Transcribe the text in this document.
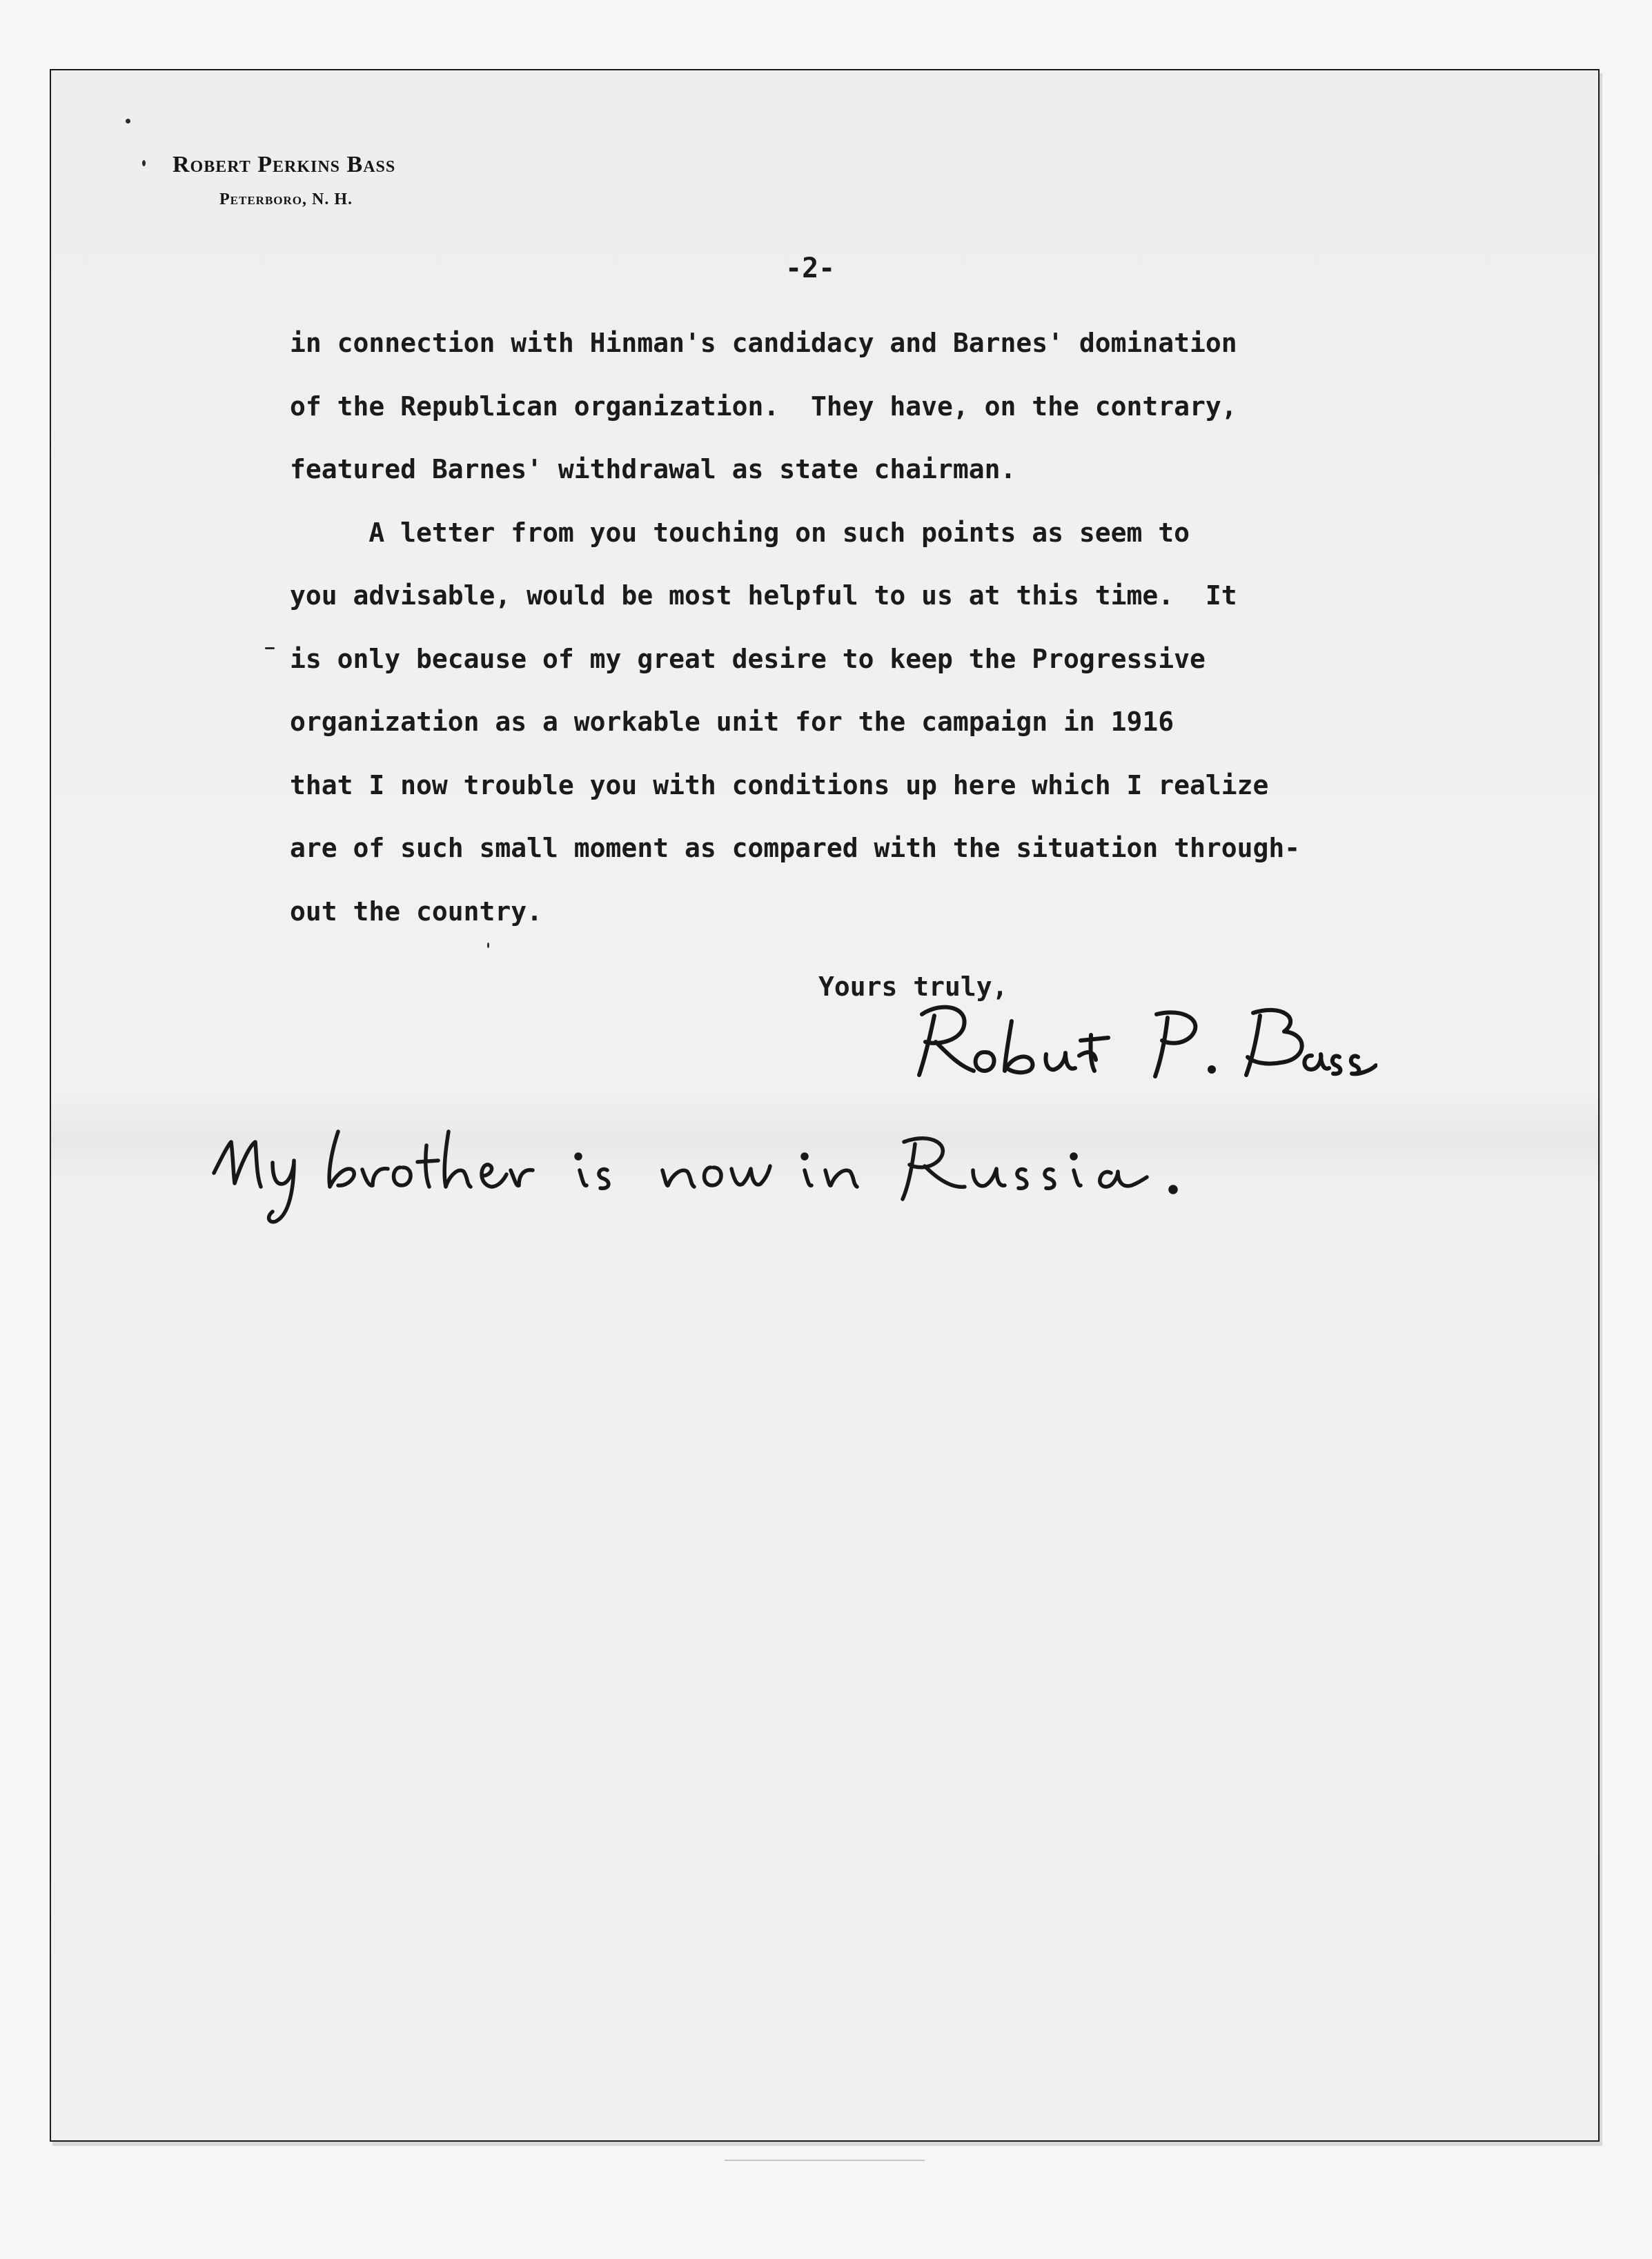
Robert Perkins Bass
Peterboro, N. H.
-2-
in connection with Hinman's candidacy and Barnes' domination
of the Republican organization.  They have, on the contrary,
featured Barnes' withdrawal as state chairman.
A letter from you touching on such points as seem to
you advisable, would be most helpful to us at this time.  It
is only because of my great desire to keep the Progressive
organization as a workable unit for the campaign in 1916
that I now trouble you with conditions up here which I realize
are of such small moment as compared with the situation through-
out the country.
Yours truly,
